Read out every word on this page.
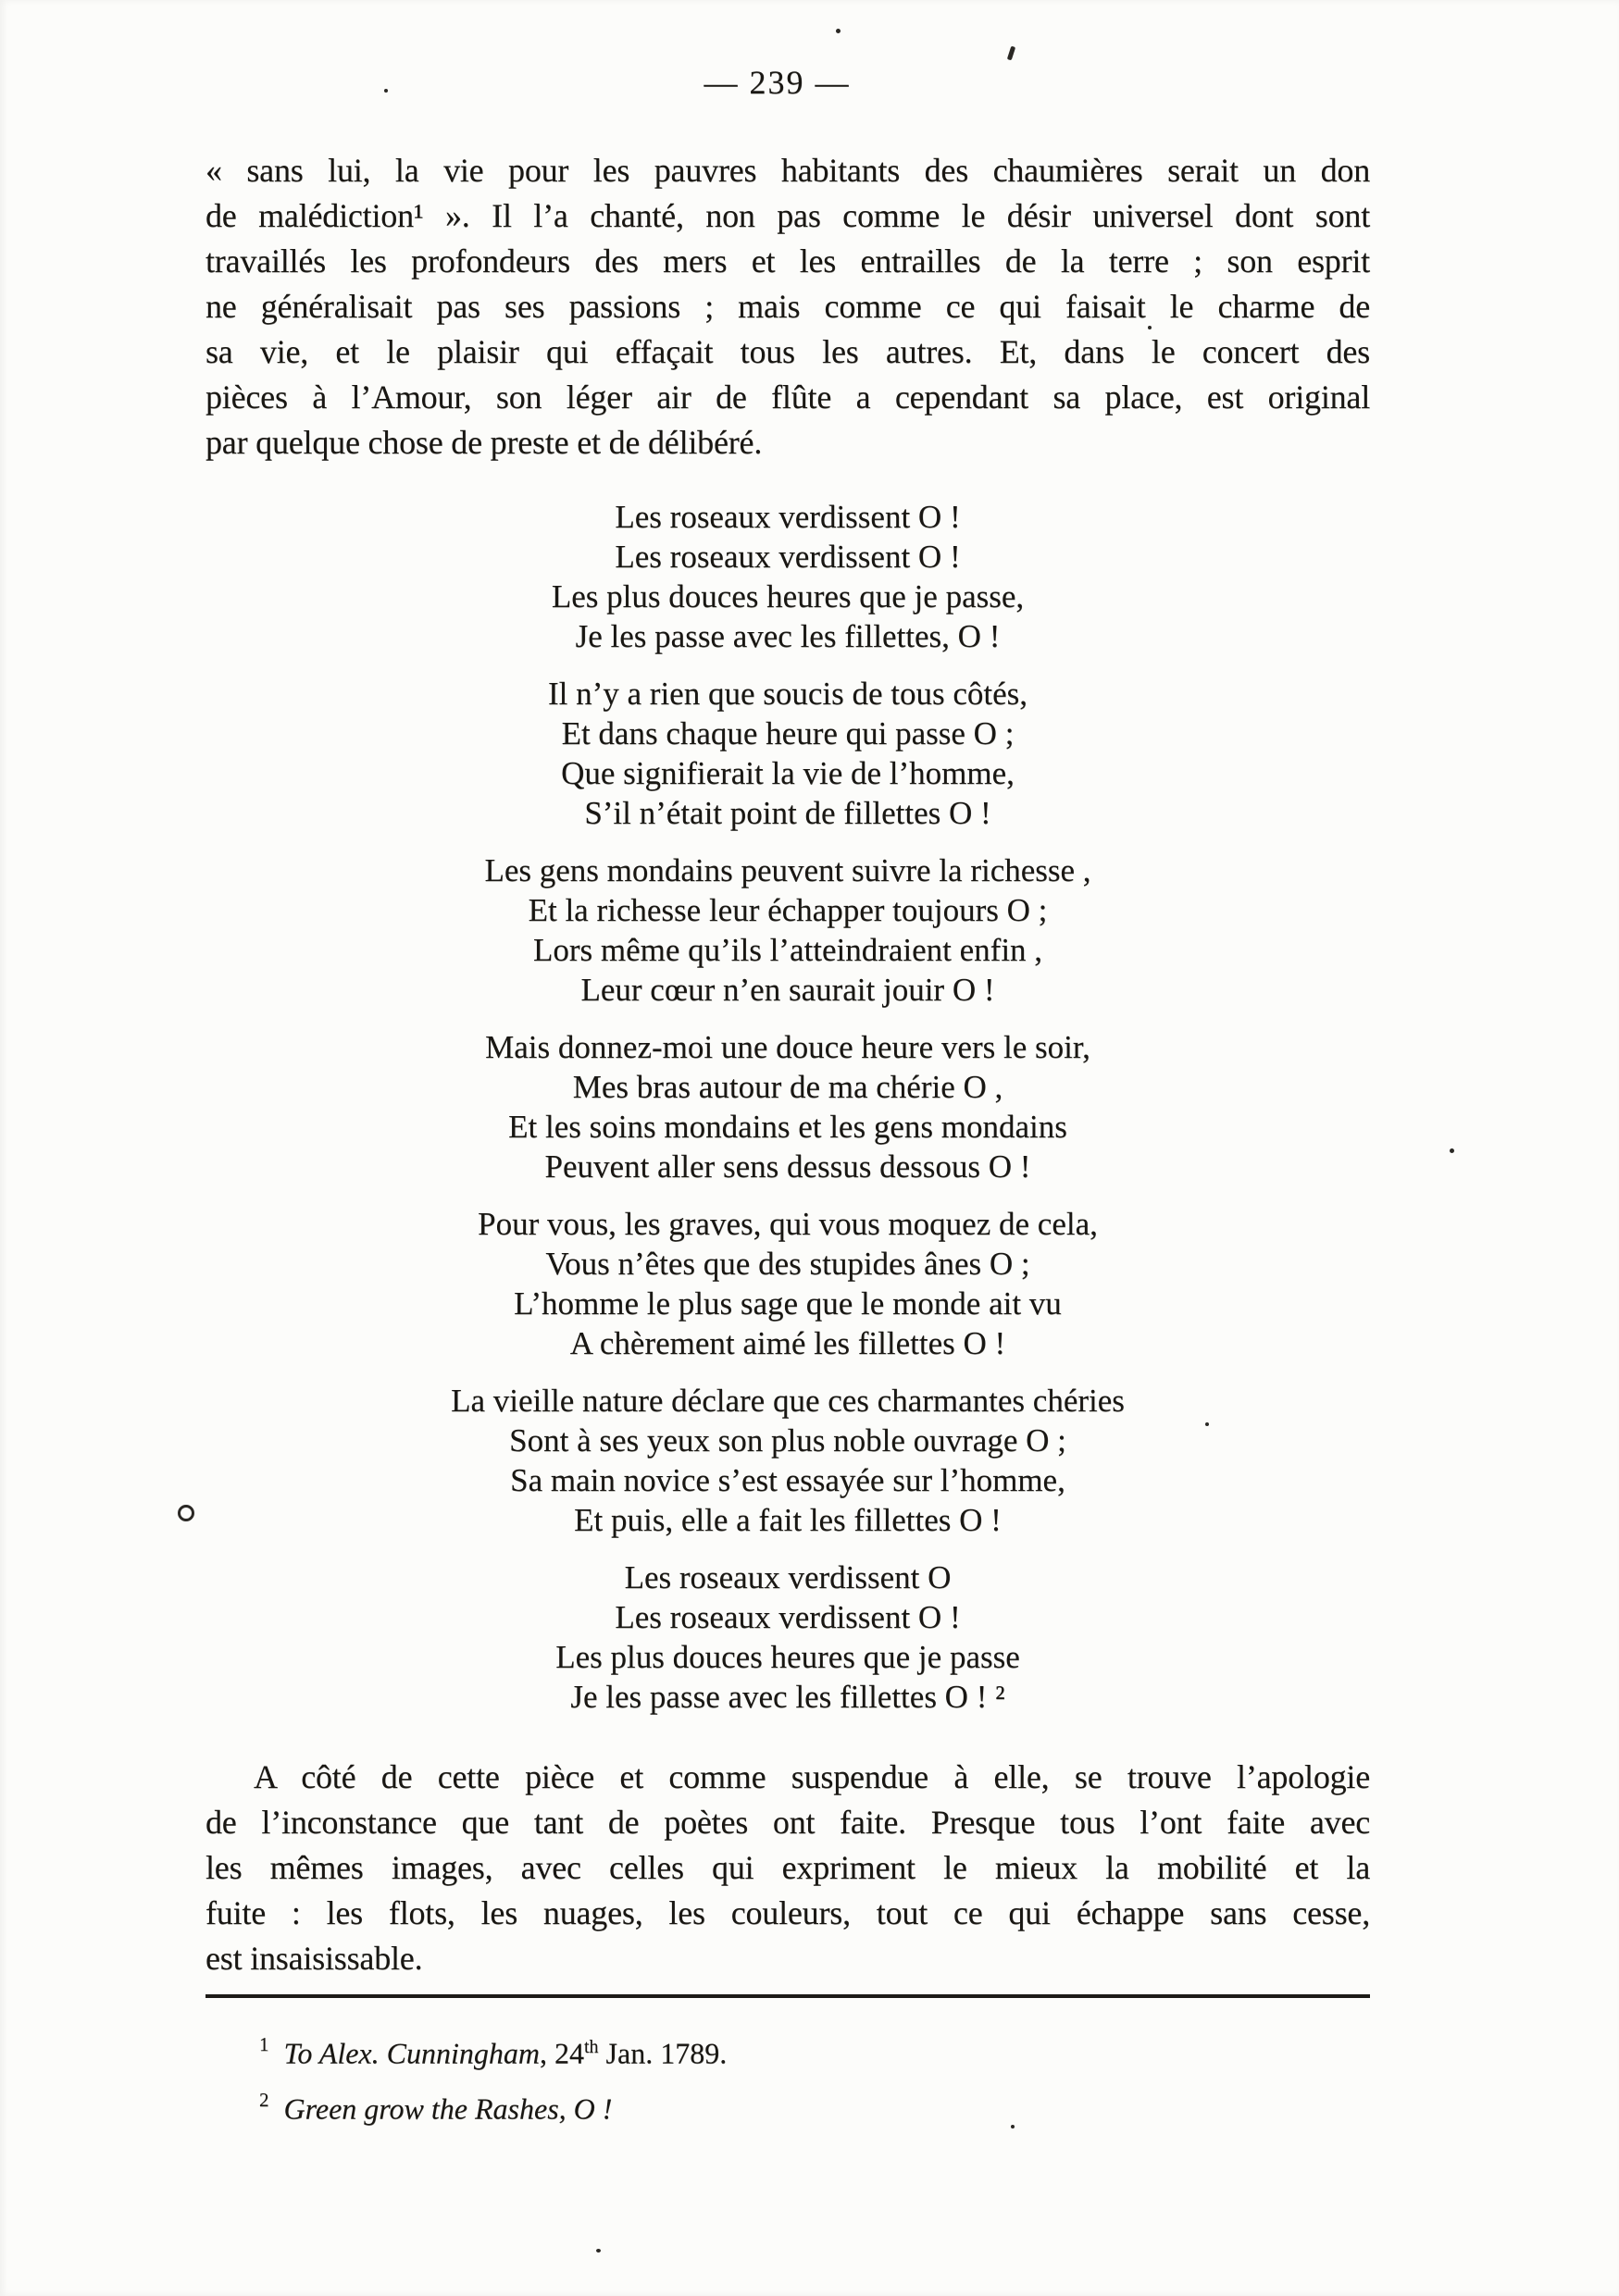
— 239 —
« sans lui, la vie pour les pauvres habitants des chaumières serait un don
de malédiction¹ ». Il l’a chanté, non pas comme le désir universel dont sont
travaillés les profondeurs des mers et les entrailles de la terre ; son esprit
ne généralisait pas ses passions ; mais comme ce qui faisait le charme de
sa vie, et le plaisir qui effaçait tous les autres. Et, dans le concert des
pièces à l’Amour, son léger air de flûte a cependant sa place, est original
par quelque chose de preste et de délibéré.
Les roseaux verdissent O !
Les roseaux verdissent O !
Les plus douces heures que je passe,
Je les passe avec les fillettes, O !
Il n’y a rien que soucis de tous côtés,
Et dans chaque heure qui passe O ;
Que signifierait la vie de l’homme,
S’il n’était point de fillettes O !
Les gens mondains peuvent suivre la richesse ,
Et la richesse leur échapper toujours O ;
Lors même qu’ils l’atteindraient enfin ,
Leur cœur n’en saurait jouir O !
Mais donnez-moi une douce heure vers le soir,
Mes bras autour de ma chérie O ,
Et les soins mondains et les gens mondains
Peuvent aller sens dessus dessous O !
Pour vous, les graves, qui vous moquez de cela,
Vous n’êtes que des stupides ânes O ;
L’homme le plus sage que le monde ait vu
A chèrement aimé les fillettes O !
La vieille nature déclare que ces charmantes chéries
Sont à ses yeux son plus noble ouvrage O ;
Sa main novice s’est essayée sur l’homme,
Et puis, elle a fait les fillettes O !
Les roseaux verdissent O
Les roseaux verdissent O !
Les plus douces heures que je passe
Je les passe avec les fillettes O ! ²
A côté de cette pièce et comme suspendue à elle, se trouve l’apologie
de l’inconstance que tant de poètes ont faite. Presque tous l’ont faite avec
les mêmes images, avec celles qui expriment le mieux la mobilité et la
fuite : les flots, les nuages, les couleurs, tout ce qui échappe sans cesse,
est insaisissable.
$^1$ To Alex. Cunningham, 24th Jan. 1789.
$^2$ Green grow the Rashes, O !
